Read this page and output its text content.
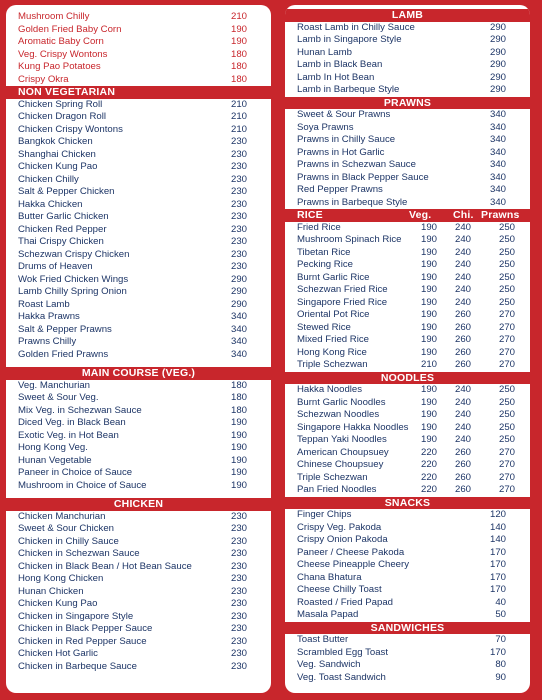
Mushroom Chilly	210
Golden Fried Baby Corn	190
Aromatic Baby Corn	190
Veg. Crispy Wontons	180
Kung Pao Potatoes	180
Crispy Okra	180
NON VEGETARIAN
Chicken Spring Roll	210
Chicken Dragon Roll	210
Chicken Crispy Wontons	210
Bangkok Chicken	230
Shanghai Chicken	230
Chicken Kung Pao	230
Chicken Chilly	230
Salt & Pepper Chicken	230
Hakka Chicken	230
Butter Garlic Chicken	230
Chicken Red Pepper	230
Thai Crispy Chicken	230
Schezwan Crispy Chicken	230
Drums of Heaven	230
Wok Fried Chicken Wings	290
Lamb Chilly Spring Onion	290
Roast Lamb	290
Hakka Prawns	340
Salt & Pepper Prawns	340
Prawns Chilly	340
Golden Fried Prawns	340
MAIN COURSE (VEG.)
Veg. Manchurian	180
Sweet & Sour Veg.	180
Mix Veg. in Schezwan Sauce	180
Diced Veg. in Black Bean	190
Exotic Veg. in Hot Bean	190
Hong Kong Veg.	190
Hunan Vegetable	190
Paneer in Choice of Sauce	190
Mushroom in Choice of Sauce	190
CHICKEN
Chicken Manchurian	230
Sweet & Sour Chicken	230
Chicken in Chilly Sauce	230
Chicken in Schezwan Sauce	230
Chicken in Black Bean / Hot Bean Sauce	230
Hong Kong Chicken	230
Hunan Chicken	230
Chicken Kung Pao	230
Chicken in Singapore Style	230
Chicken in Black Pepper Sauce	230
Chicken in Red Pepper Sauce	230
Chicken Hot Garlic	230
Chicken in Barbeque Sauce	230
LAMB
Roast Lamb in Chilly Sauce	290
Lamb in Singapore Style	290
Hunan Lamb	290
Lamb in Black Bean	290
Lamb In Hot Bean	290
Lamb in Barbeque Style	290
PRAWNS
Sweet & Sour Prawns	340
Soya Prawns	340
Prawns in Chilly Sauce	340
Prawns in Hot Garlic	340
Prawns in Schezwan Sauce	340
Prawns in Black Pepper Sauce	340
Red Pepper Prawns	340
Prawns in Barbeque Style	340
RICE	Veg. Chi. Prawns
Fried Rice	190	240	250
Mushroom Spinach Rice	190	240	250
Tibetan Rice	190	240	250
Pecking Rice	190	240	250
Burnt Garlic Rice	190	240	250
Schezwan Fried Rice	190	240	250
Singapore Fried Rice	190	240	250
Oriental Pot Rice	190	260	270
Stewed Rice	190	260	270
Mixed Fried Rice	190	260	270
Hong Kong Rice	190	260	270
Triple Schezwan	210	260	270
NOODLES
Hakka Noodles	190	240	250
Burnt Garlic Noodles	190	240	250
Schezwan Noodles	190	240	250
Singapore Hakka Noodles	190	240	250
Teppan Yaki Noodles	190	240	250
American Choupsuey	220	260	270
Chinese Choupsuey	220	260	270
Triple Schezwan	220	260	270
Pan Fried Noodles	220	260	270
SNACKS
Finger Chips	120
Crispy Veg. Pakoda	140
Crispy Onion Pakoda	140
Paneer / Cheese Pakoda	170
Cheese Pineapple Cheery	170
Chana Bhatura	170
Cheese Chilly Toast	170
Roasted / Fried Papad	40
Masala Papad	50
SANDWICHES
Toast Butter	70
Scrambled Egg Toast	170
Veg. Sandwich	80
Veg. Toast Sandwich	90
